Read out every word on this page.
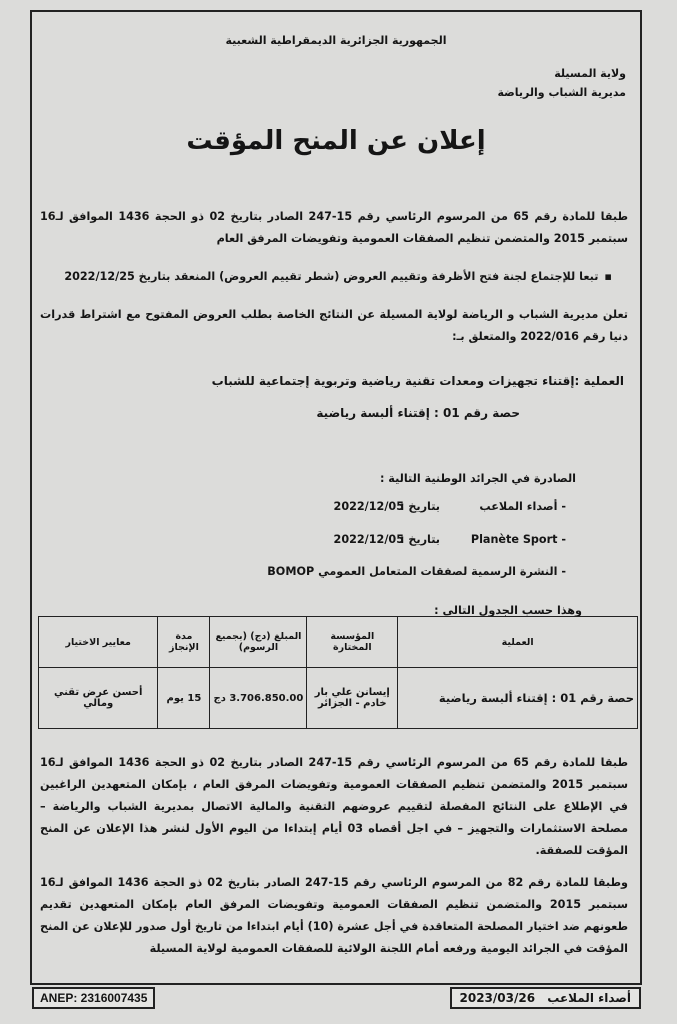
الجمهورية الجزائرية الديمقراطية الشعبية
ولاية المسيلة
مديرية الشباب والرياضة
إعلان عن المنح المؤقت
طبقا للمادة رقم 65 من المرسوم الرئاسي رقم 15-247 الصادر بتاريخ 02 ذو الحجة 1436 الموافق لـ16 سبتمبر 2015 والمتضمن تنظيم الصفقات العمومية وتفويضات المرفق العام
▪ تبعا للإجتماع لجنة فتح الأظرفة وتقييم العروض (شطر تقييم العروض) المنعقد بتاريخ 2022/12/25
تعلن مديرية الشباب و الرياضة لولاية المسيلة عن النتائج الخاصة بطلب العروض المفتوح مع اشتراط قدرات دنيا رقم 2022/016 والمتعلق بـ:
العملية :إقتناء تجهيزات ومعدات تقنية رياضية وتربوية إجتماعية للشباب
حصة رقم 01 : إقتناء ألبسة رياضية
الصادرة في الجرائد الوطنية التالية :
- أصداء الملاعب
بتاريخ :
2022/12/05
Planète Sport -
بتاريخ :
2022/12/05
- النشرة الرسمية لصفقات المتعامل العمومي BOMOP
وهذا حسب الجدول التالي :
العملية	المؤسسة المختارة	المبلغ (دج) (بجميع الرسوم)	مدة الإنجاز	معايير الاختيار
حصة رقم 01 : إقتناء ألبسة رياضية	إيسانن علي بار خادم - الجزائر	3.706.850.00 دج	15 يوم	أحسن عرض تقني ومالي
طبقا للمادة رقم 65 من المرسوم الرئاسي رقم 15-247 الصادر بتاريخ 02 ذو الحجة 1436 الموافق لـ16 سبتمبر 2015 والمتضمن تنظيم الصفقات العمومية وتفويضات المرفق العام ، بإمكان المتعهدين الراغبين في الإطلاع على النتائج المفصلة لتقييم عروضهم التقنية والمالية الاتصال بمديرية الشباب والرياضة – مصلحة الاستثمارات والتجهيز – في اجل أقصاه 03 أيام إبتداءا من اليوم الأول لنشر هذا الإعلان عن المنح المؤقت للصفقة.
وطبقا للمادة رقم 82 من المرسوم الرئاسي رقم 15-247 الصادر بتاريخ 02 ذو الحجة 1436 الموافق لـ16 سبتمبر 2015 والمتضمن تنظيم الصفقات العمومية وتفويضات المرفق العام بإمكان المتعهدين تقديم طعونهم ضد اختيار المصلحة المتعاقدة في أجل عشرة (10) أيام ابتداءا من تاريخ أول صدور للإعلان عن المنح المؤقت في الجرائد اليومية ورفعه أمام اللجنة الولائية للصفقات العمومية لولاية المسيلة
ANEP: 2316007435	أصداء الملاعب 2023/03/26
